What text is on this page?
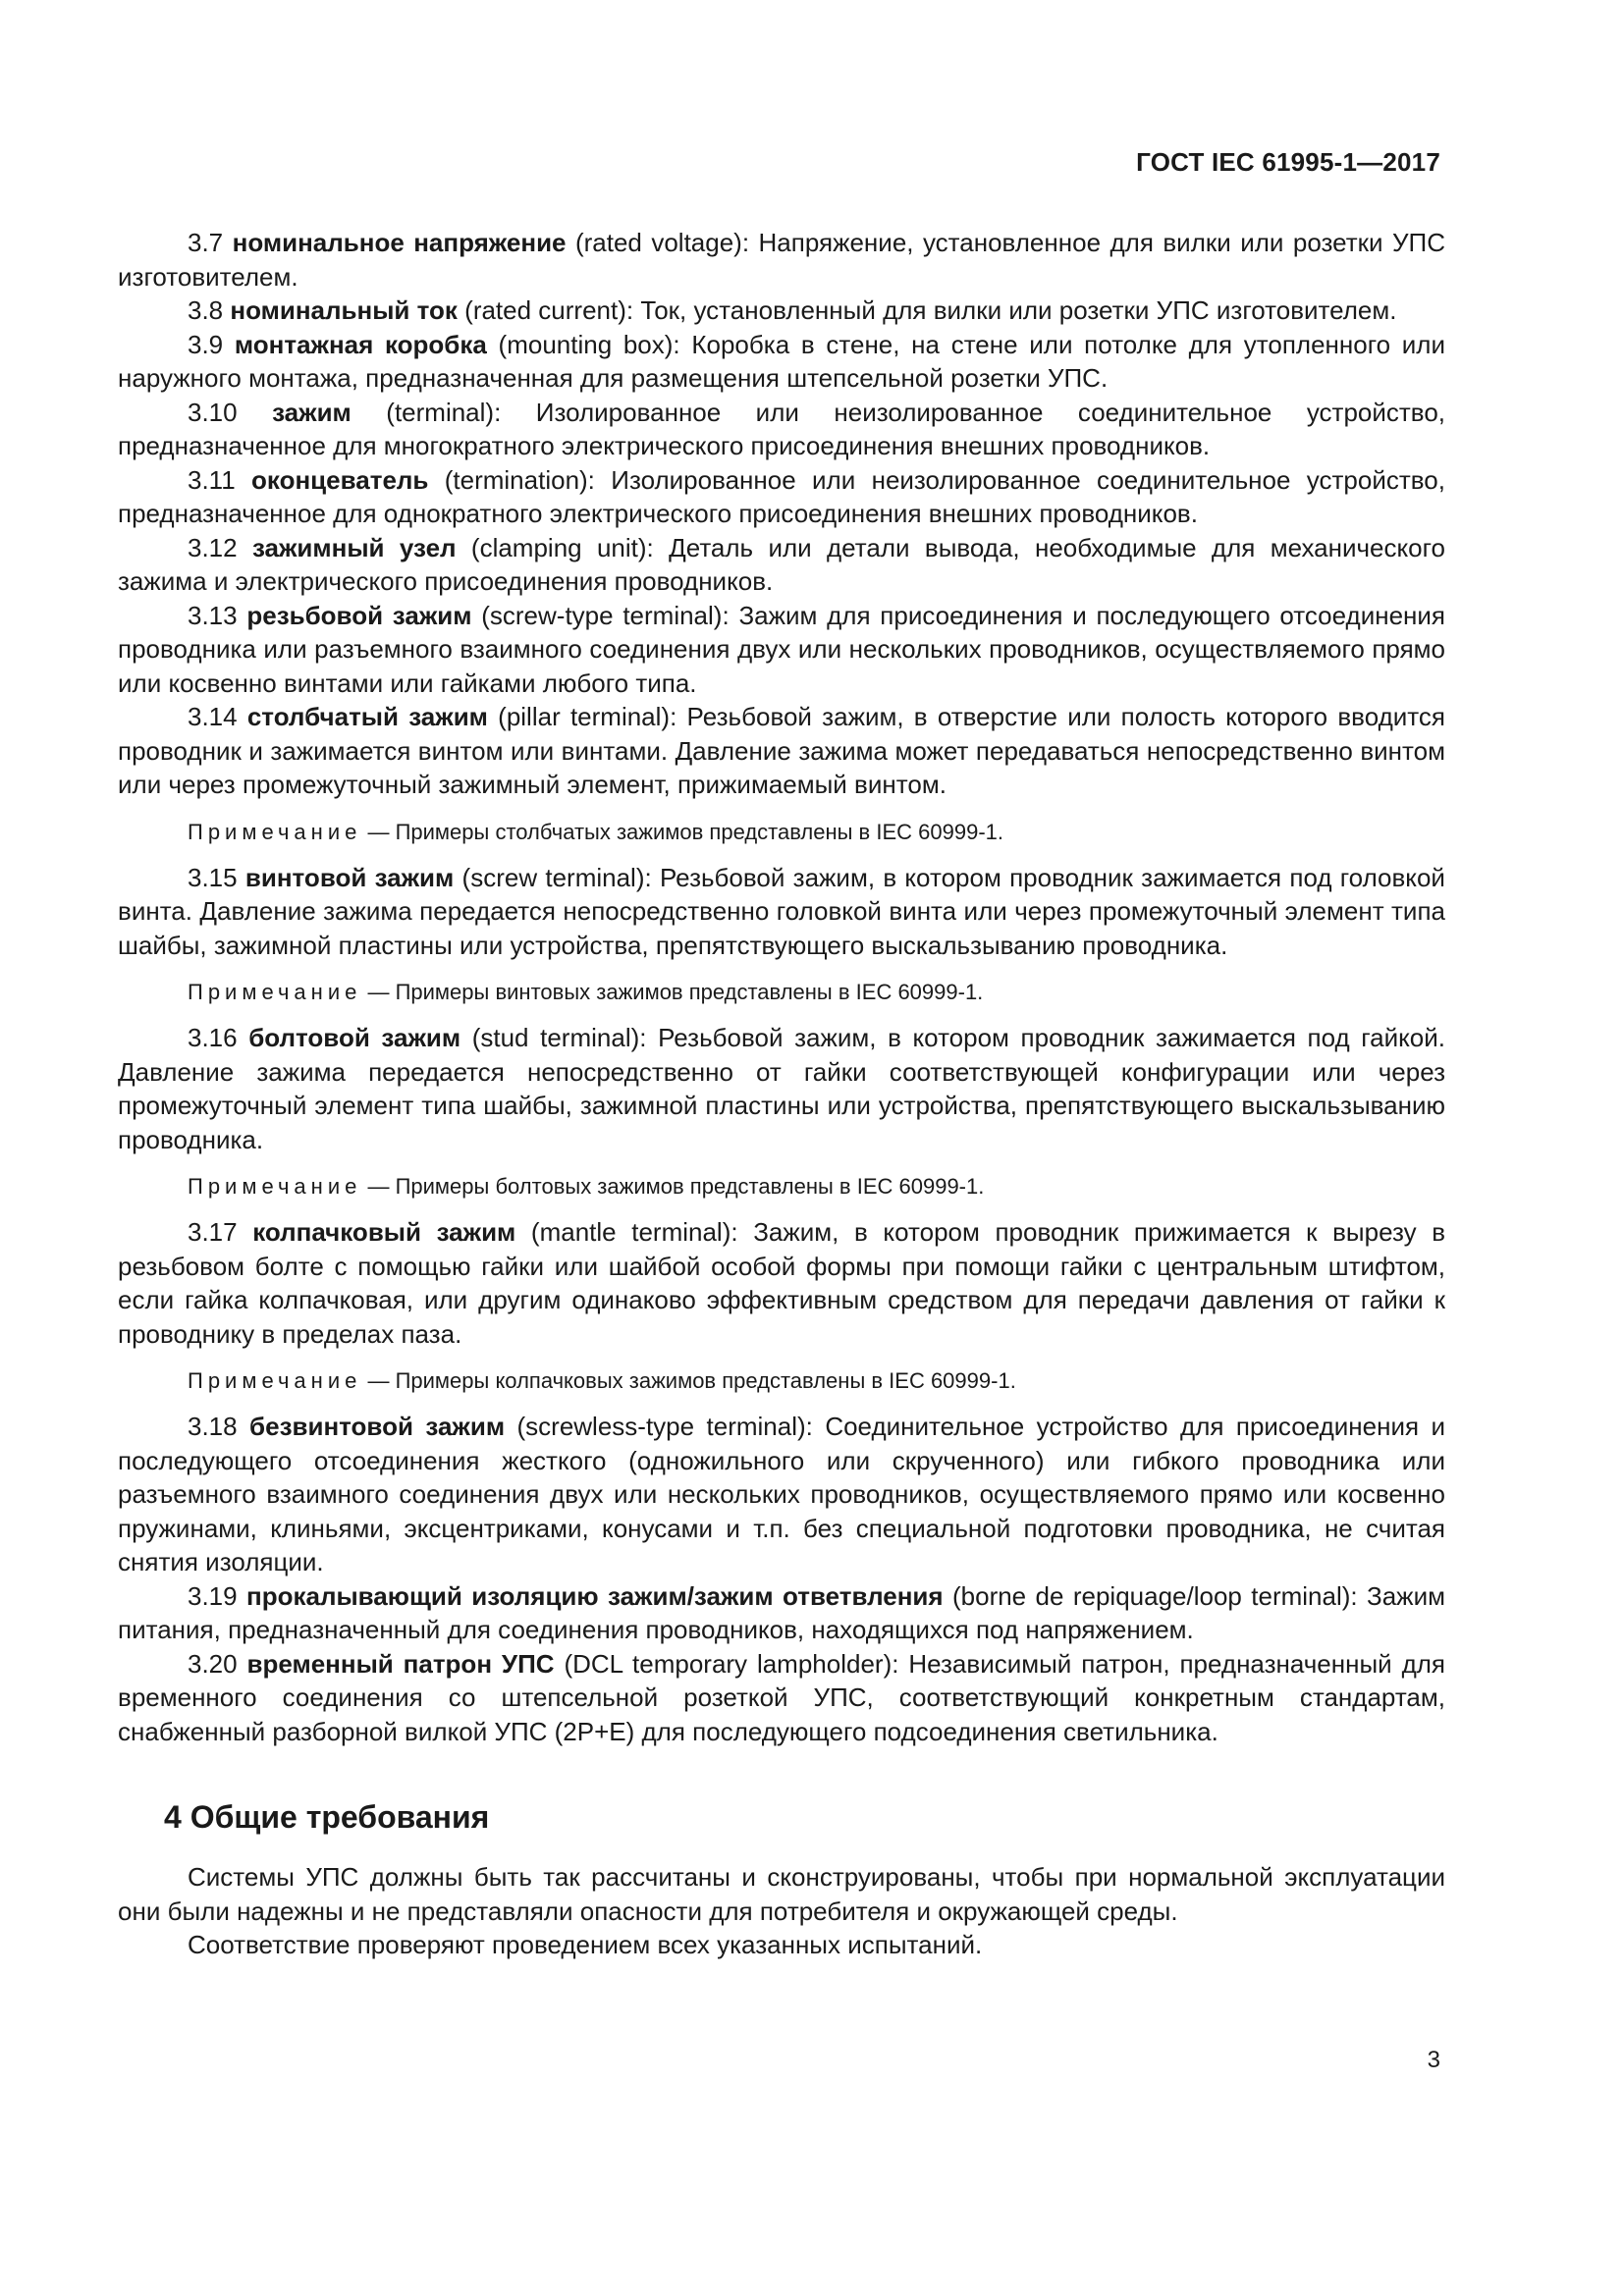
ГОСТ IEC 61995-1—2017

3.7 номинальное напряжение (rated voltage): Напряжение, установленное для вилки или розетки УПС изготовителем.

3.8 номинальный ток (rated current): Ток, установленный для вилки или розетки УПС изготовителем.

3.9 монтажная коробка (mounting box): Коробка в стене, на стене или потолке для утопленного или наружного монтажа, предназначенная для размещения штепсельной розетки УПС.

3.10 зажим (terminal): Изолированное или неизолированное соединительное устройство, предназначенное для многократного электрического присоединения внешних проводников.

3.11 оконцеватель (termination): Изолированное или неизолированное соединительное устройство, предназначенное для однократного электрического присоединения внешних проводников.

3.12 зажимный узел (clamping unit): Деталь или детали вывода, необходимые для механического зажима и электрического присоединения проводников.

3.13 резьбовой зажим (screw-type terminal): Зажим для присоединения и последующего отсоединения проводника или разъемного взаимного соединения двух или нескольких проводников, осуществляемого прямо или косвенно винтами или гайками любого типа.

3.14 столбчатый зажим (pillar terminal): Резьбовой зажим, в отверстие или полость которого вводится проводник и зажимается винтом или винтами. Давление зажима может передаваться непосредственно винтом или через промежуточный зажимный элемент, прижимаемый винтом.

Примечание — Примеры столбчатых зажимов представлены в IEC 60999-1.

3.15 винтовой зажим (screw terminal): Резьбовой зажим, в котором проводник зажимается под головкой винта. Давление зажима передается непосредственно головкой винта или через промежуточный элемент типа шайбы, зажимной пластины или устройства, препятствующего выскальзыванию проводника.

Примечание — Примеры винтовых зажимов представлены в IEC 60999-1.

3.16 болтовой зажим (stud terminal): Резьбовой зажим, в котором проводник зажимается под гайкой. Давление зажима передается непосредственно от гайки соответствующей конфигурации или через промежуточный элемент типа шайбы, зажимной пластины или устройства, препятствующего выскальзыванию проводника.

Примечание — Примеры болтовых зажимов представлены в IEC 60999-1.

3.17 колпачковый зажим (mantle terminal): Зажим, в котором проводник прижимается к вырезу в резьбовом болте с помощью гайки или шайбой особой формы при помощи гайки с центральным штифтом, если гайка колпачковая, или другим одинаково эффективным средством для передачи давления от гайки к проводнику в пределах паза.

Примечание — Примеры колпачковых зажимов представлены в IEC 60999-1.

3.18 безвинтовой зажим (screwless-type terminal): Соединительное устройство для присоединения и последующего отсоединения жесткого (одножильного или скрученного) или гибкого проводника или разъемного взаимного соединения двух или нескольких проводников, осуществляемого прямо или косвенно пружинами, клиньями, эксцентриками, конусами и т.п. без специальной подготовки проводника, не считая снятия изоляции.

3.19 прокалывающий изоляцию зажим/зажим ответвления (borne de repiquage/loop terminal): Зажим питания, предназначенный для соединения проводников, находящихся под напряжением.

3.20 временный патрон УПС (DCL temporary lampholder): Независимый патрон, предназначенный для временного соединения со штепсельной розеткой УПС, соответствующий конкретным стандартам, снабженный разборной вилкой УПС (2P+E) для последующего подсоединения светильника.

4 Общие требования

Системы УПС должны быть так рассчитаны и сконструированы, чтобы при нормальной эксплуатации они были надежны и не представляли опасности для потребителя и окружающей среды.

Соответствие проверяют проведением всех указанных испытаний.

3
